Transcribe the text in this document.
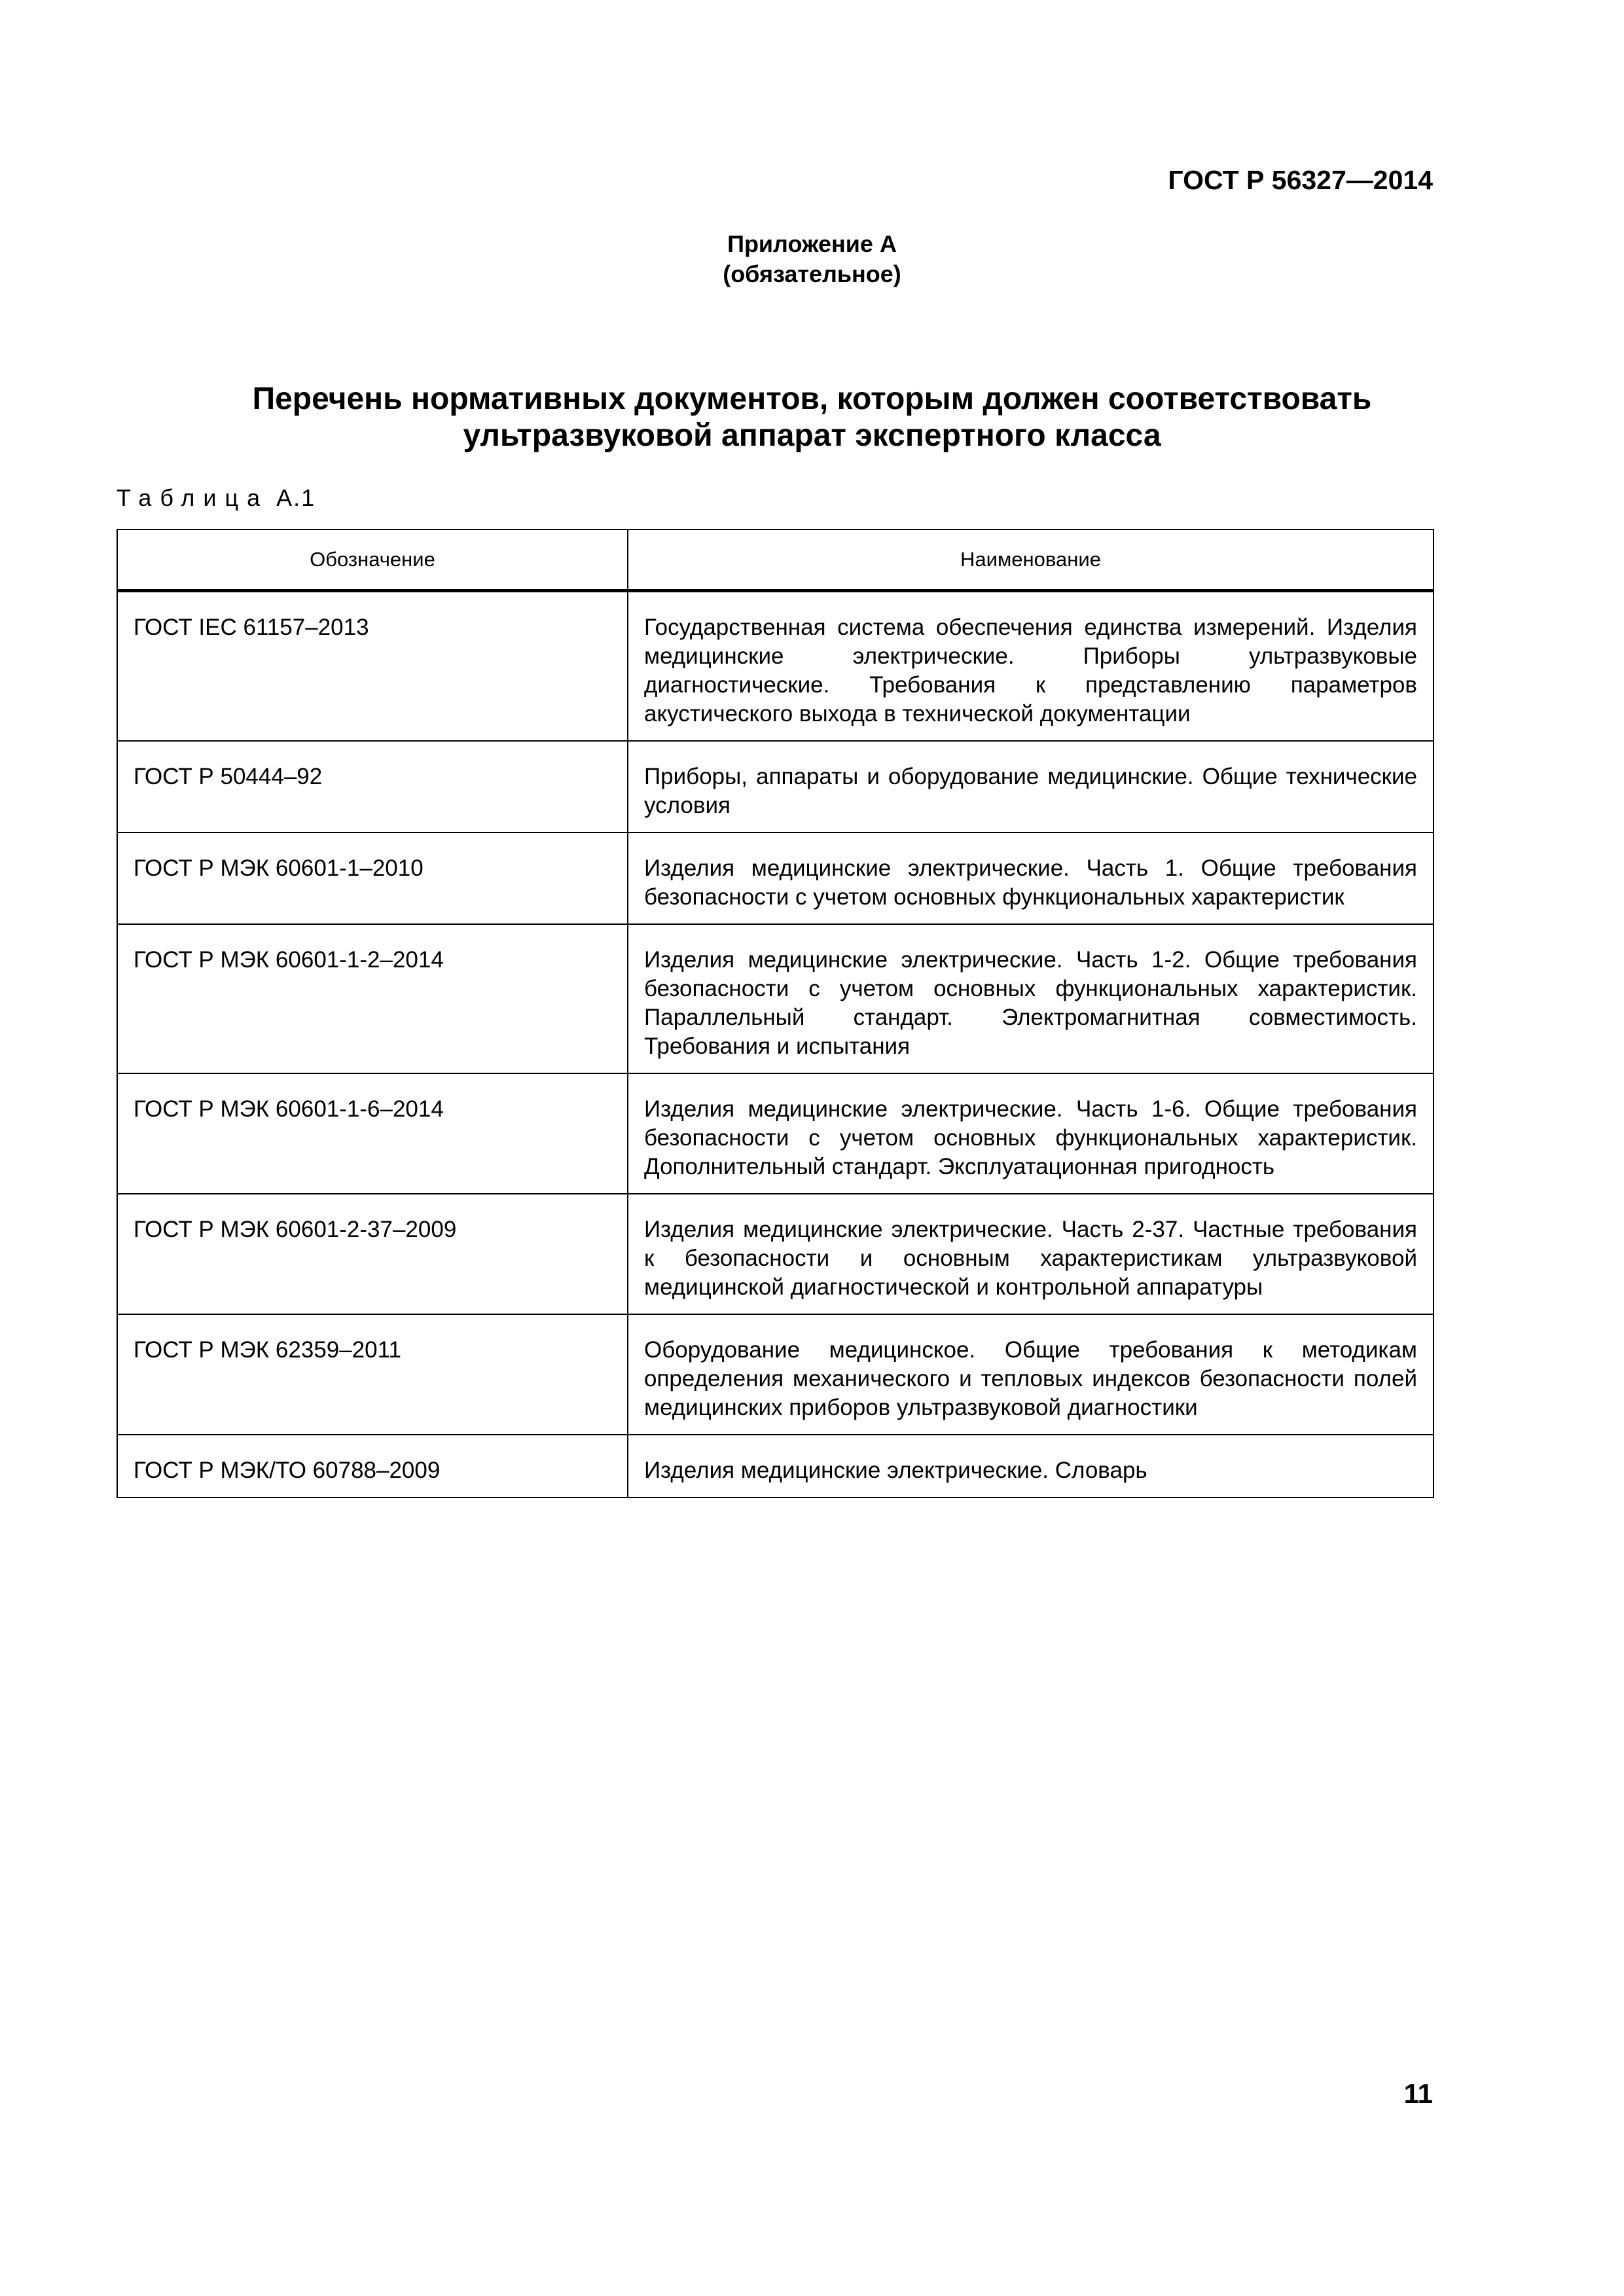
ГОСТ Р 56327—2014
Приложение А
(обязательное)
Перечень нормативных документов, которым должен соответствовать
ультразвуковой аппарат экспертного класса
Таблица А.1
Обозначение	Наименование
ГОСТ IEC 61157–2013	Государственная система обеспечения единства измерений. Изделия медицинские электрические. Приборы ультразвуковые диагностические. Требования к представлению параметров акустического выхода в технической документации
ГОСТ Р 50444–92	Приборы, аппараты и оборудование медицинские. Общие технические условия
ГОСТ Р МЭК 60601-1–2010	Изделия медицинские электрические. Часть 1. Общие требования безопасности с учетом основных функциональных характеристик
ГОСТ Р МЭК 60601-1-2–2014	Изделия медицинские электрические. Часть 1-2. Общие требования безопасности с учетом основных функциональных характеристик. Параллельный стандарт. Электромагнитная совместимость. Требования и испытания
ГОСТ Р МЭК 60601-1-6–2014	Изделия медицинские электрические. Часть 1-6. Общие требования безопасности с учетом основных функциональных характеристик. Дополнительный стандарт. Эксплуатационная пригодность
ГОСТ Р МЭК 60601-2-37–2009	Изделия медицинские электрические. Часть 2-37. Частные требования к безопасности и основным характеристикам ультразвуковой медицинской диагностической и контрольной аппаратуры
ГОСТ Р МЭК 62359–2011	Оборудование медицинское. Общие требования к методикам определения механического и тепловых индексов безопасности полей медицинских приборов ультразвуковой диагностики
ГОСТ Р МЭК/ТО 60788–2009	Изделия медицинские электрические. Словарь
11
